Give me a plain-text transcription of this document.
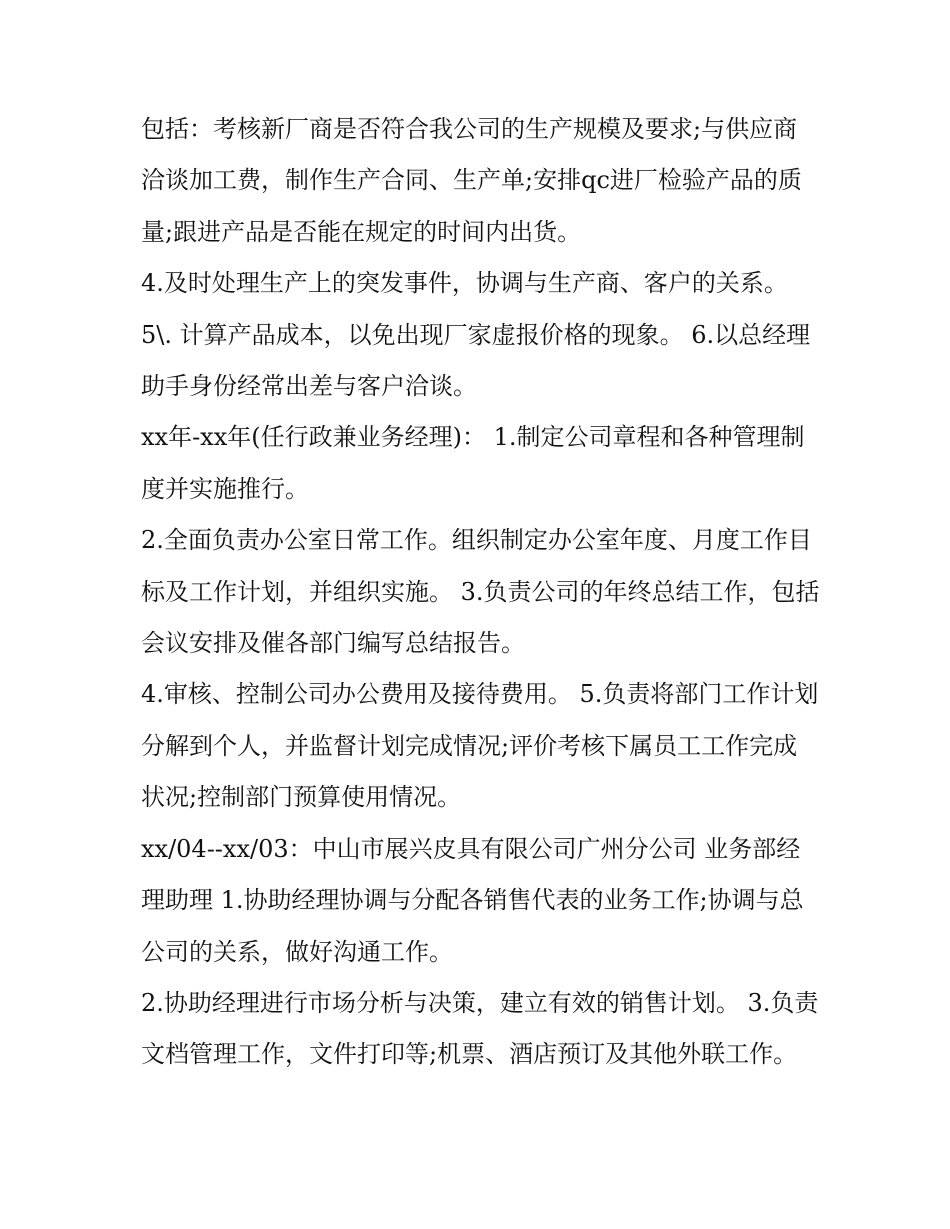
包括：考核新厂商是否符合我公司的生产规模及要求;与供应商洽谈加工费，制作生产合同、生产单;安排qc进厂检验产品的质量;跟进产品是否能在规定的时间内出货。

4.及时处理生产上的突发事件，协调与生产商、客户的关系。

5\. 计算产品成本，以免出现厂家虚报价格的现象。 6.以总经理助手身份经常出差与客户洽谈。

xx年-xx年(任行政兼业务经理)： 1.制定公司章程和各种管理制度并实施推行。

2.全面负责办公室日常工作。组织制定办公室年度、月度工作目标及工作计划，并组织实施。 3.负责公司的年终总结工作，包括会议安排及催各部门编写总结报告。

4.审核、控制公司办公费用及接待费用。 5.负责将部门工作计划分解到个人，并监督计划完成情况;评价考核下属员工工作完成状况;控制部门预算使用情况。

xx/04--xx/03：中山市展兴皮具有限公司广州分公司 业务部经理助理 1.协助经理协调与分配各销售代表的业务工作;协调与总公司的关系，做好沟通工作。

2.协助经理进行市场分析与决策，建立有效的销售计划。 3.负责文档管理工作，文件打印等;机票、酒店预订及其他外联工作。
